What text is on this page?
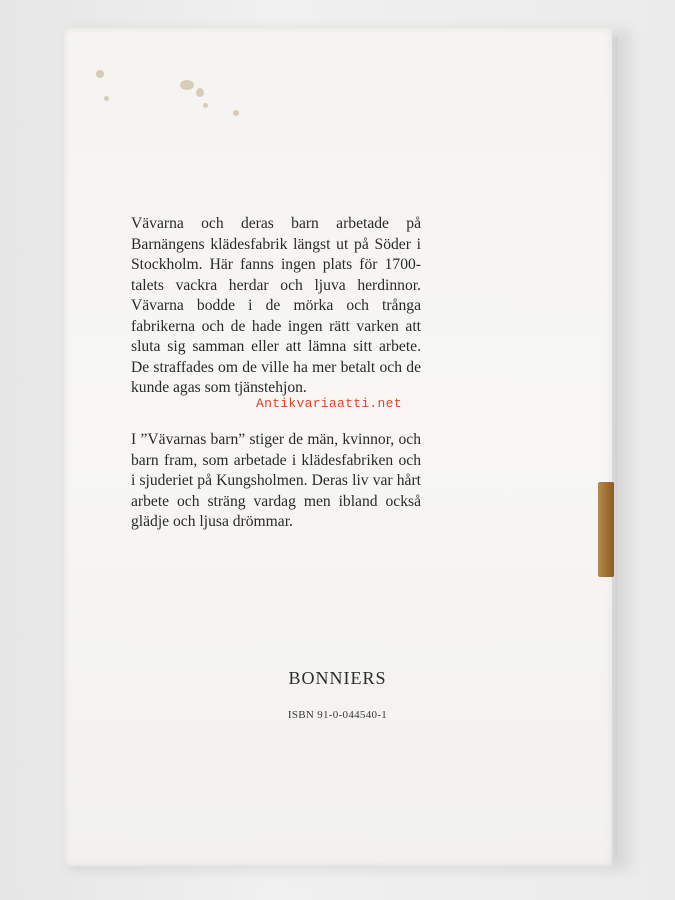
Vävarna och deras barn arbetade på Barnängens klädesfabrik längst ut på Söder i Stockholm. Här fanns ingen plats för 1700-talets vackra herdar och ljuva herdinnor. Vävarna bodde i de mörka och trånga fabrikerna och de hade ingen rätt varken att sluta sig samman eller att lämna sitt arbete. De straffades om de ville ha mer betalt och de kunde agas som tjänstehjon.

Antikvariaatti.net

I ”Vävarnas barn” stiger de män, kvinnor, och barn fram, som arbetade i klädesfabriken och i sjuderiet på Kungsholmen. Deras liv var hårt arbete och sträng vardag men ibland också glädje och ljusa drömmar.

BONNIERS
ISBN 91-0-044540-1
